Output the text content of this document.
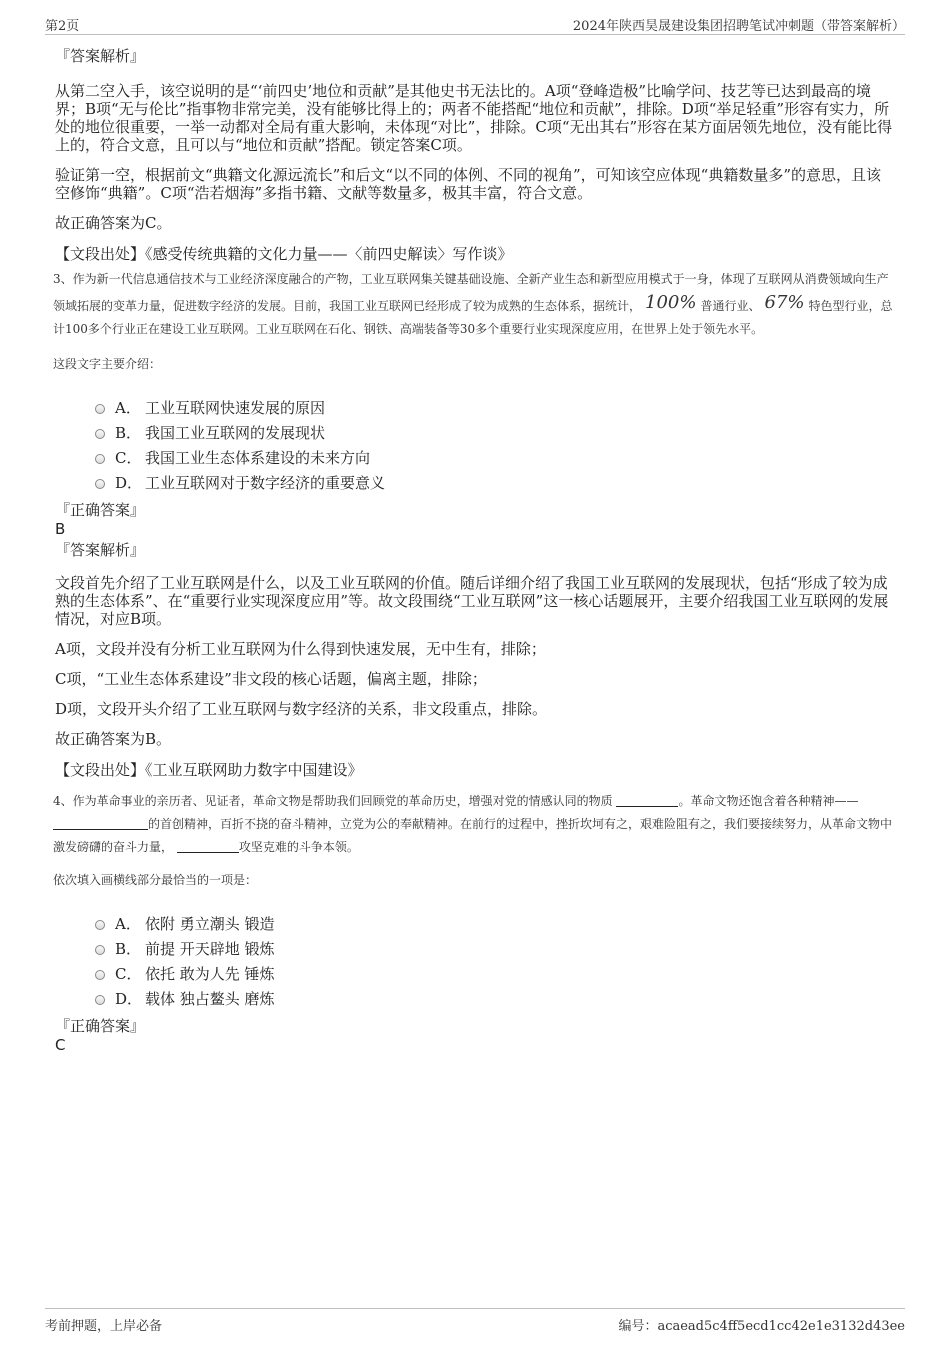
第2页	2024年陕西昊晟建设集团招聘笔试冲刺题（带答案解析）
『答案解析』
从第二空入手，该空说明的是“‘前四史’地位和贡献”是其他史书无法比的。A项“登峰造极”比喻学问、技艺等已达到最高的境界；B项“无与伦比”指事物非常完美，没有能够比得上的；两者不能搭配“地位和贡献”，排除。D项“举足轻重”形容有实力，所处的地位很重要，一举一动都对全局有重大影响，未体现“对比”，排除。C项“无出其右”形容在某方面居领先地位，没有能比得上的，符合文意，且可以与“地位和贡献”搭配。锁定答案C项。
验证第一空，根据前文“典籍文化源远流长”和后文“以不同的体例、不同的视角”，可知该空应体现“典籍数量多”的意思，且该空修饰“典籍”。C项“浩若烟海”多指书籍、文献等数量多，极其丰富，符合文意。
故正确答案为C。
【文段出处】《感受传统典籍的文化力量——〈前四史解读〉写作谈》
3、作为新一代信息通信技术与工业经济深度融合的产物，工业互联网集关键基础设施、全新产业生态和新型应用模式于一身，体现了互联网从消费领域向生产领域拓展的变革力量，促进数字经济的发展。目前，我国工业互联网已经形成了较为成熟的生态体系，据统计， 100% 普通行业、 67% 特色型行业，总计100多个行业正在建设工业互联网。工业互联网在石化、钢铁、高端装备等30多个重要行业实现深度应用，在世界上处于领先水平。
这段文字主要介绍：
A． 工业互联网快速发展的原因
B． 我国工业互联网的发展现状
C． 我国工业生态体系建设的未来方向
D． 工业互联网对于数字经济的重要意义
『正确答案』
B
『答案解析』
文段首先介绍了工业互联网是什么，以及工业互联网的价值。随后详细介绍了我国工业互联网的发展现状，包括“形成了较为成熟的生态体系”、在“重要行业实现深度应用”等。故文段围绕“工业互联网”这一核心话题展开，主要介绍我国工业互联网的发展情况，对应B项。
A项，文段并没有分析工业互联网为什么得到快速发展，无中生有，排除；
C项，“工业生态体系建设”非文段的核心话题，偏离主题，排除；
D项，文段开头介绍了工业互联网与数字经济的关系，非文段重点，排除。
故正确答案为B。
【文段出处】《工业互联网助力数字中国建设》
4、作为革命事业的亲历者、见证者，革命文物是帮助我们回顾党的革命历史，增强对党的情感认同的物质	。革命文物还饱含着各种精神—— 的首创精神，百折不挠的奋斗精神，立党为公的奉献精神。在前行的过程中，挫折坎坷有之，艰难险阻有之，我们要接续努力，从革命文物中激发磅礴的奋斗力量，	攻坚克难的斗争本领。
依次填入画横线部分最恰当的一项是：
A． 依附 勇立潮头 锻造
B． 前提 开天辟地 锻炼
C． 依托 敢为人先 锤炼
D． 载体 独占鳌头 磨炼
『正确答案』
C
考前押题，上岸必备	编号：acaead5c4ff5ecd1cc42e1e3132d43ee
